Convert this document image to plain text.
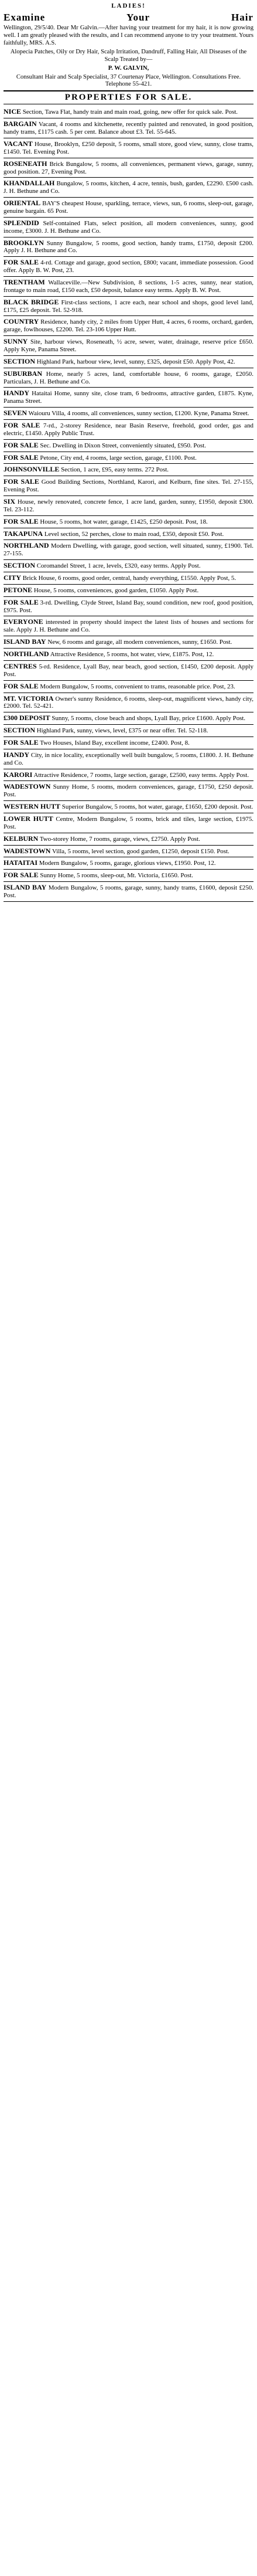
LADIES!
Examine	Your	Hair

Wellington, 29/5/40. Dear Mr Galvin.—After having your treatment for my hair, it is now growing well. I am greatly pleased with the results, and I can recommend anyone to try your treatment. Yours faithfully, MRS. A.S.

Alopecia Patches, Oily or Dry Hair, Scalp Irritation, Dandruff, Falling Hair, All Diseases of the Scalp Treated by—

P. W. GALVIN,

Consultant Hair and Scalp Specialist, 37 Courtenay Place, Wellington. Consultations Free. Telephone 55-421.

PROPERTIES FOR SALE.

NICE Section, Tawa Flat, handy train and main road, going, new offer for quick sale. Post.

BARGAIN Vacant, 4 rooms and kitchenette, recently painted and renovated, in good position, handy trams, £1175 cash. 5 per cent. Balance about £3. Tel. 55-645.

VACANT House, Brooklyn, £250 deposit, 5 rooms, small store, good view, sunny, close trams, £1450. Tel. Evening Post.

ROSENEATH Brick Bungalow, 5 rooms, all conveniences, permanent views, garage, sunny, good position. 27, Evening Post.

KHANDALLAH Bungalow, 5 rooms, kitchen, 4 acre, tennis, bush, garden, £2290. £500 cash. J. H. Bethune and Co.

ORIENTAL BAY'S cheapest House, sparkling, terrace, views, sun, 6 rooms, sleep-out, garage, genuine bargain. 65 Post.

SPLENDID Self-contained Flats, select position, all modern conveniences, sunny, good income, £3000. J. H. Bethune and Co.

BROOKLYN Sunny Bungalow, 5 rooms, good section, handy trams, £1750, deposit £200. Apply J. H. Bethune and Co.

FOR SALE 4-rd. Cottage and garage, good section, £800; vacant, immediate possession. Good offer. Apply B. W. Post, 23.

TRENTHAM Wallaceville.—New Subdivision, 8 sections, 1-5 acres, sunny, near station, frontage to main road, £150 each, £50 deposit, balance easy terms. Apply B. W. Post.

BLACK BRIDGE First-class sections, 1 acre each, near school and shops, good level land, £175, £25 deposit. Tel. 52-918.

COUNTRY Residence, handy city, 2 miles from Upper Hutt, 4 acres, 6 rooms, orchard, garden, garage, fowlhouses, £2200. Tel. 23-106 Upper Hutt.

SUNNY Site, harbour views, Roseneath, ½ acre, sewer, water, drainage, reserve price £650. Apply Kyne, Panama Street.

SECTION Highland Park, harbour view, level, sunny, £325, deposit £50. Apply Post, 42.

SUBURBAN Home, nearly 5 acres, land, comfortable house, 6 rooms, garage, £2050. Particulars, J. H. Bethune and Co.

HANDY Hataitai Home, sunny site, close tram, 6 bedrooms, attractive garden, £1875. Kyne, Panama Street.

SEVEN Waiouru Villa, 4 rooms, all conveniences, sunny section, £1200. Kyne, Panama Street.

FOR SALE 7-rd., 2-storey Residence, near Basin Reserve, freehold, good order, gas and electric, £1450. Apply Public Trust.

FOR SALE Sec. Dwelling in Dixon Street, conveniently situated, £950. Post.

FOR SALE Petone, City end, 4 rooms, large section, garage, £1100. Post.

JOHNSONVILLE Section, 1 acre, £95, easy terms. 272 Post.

FOR SALE Good Building Sections, Northland, Karori, and Kelburn, fine sites. Tel. 27-155, Evening Post.

SIX House, newly renovated, concrete fence, 1 acre land, garden, sunny, £1950, deposit £300. Tel. 23-112.

FOR SALE House, 5 rooms, hot water, garage, £1425, £250 deposit. Post, 18.

TAKAPUNA Level section, 52 perches, close to main road, £350, deposit £50. Post.

NORTHLAND Modern Dwelling, with garage, good section, well situated, sunny, £1900. Tel. 27-155.

SECTION Coromandel Street, 1 acre, levels, £320, easy terms. Apply Post.

CITY Brick House, 6 rooms, good order, central, handy everything, £1550. Apply Post, 5.

PETONE House, 5 rooms, conveniences, good garden, £1050. Apply Post.

FOR SALE 3-rd. Dwelling, Clyde Street, Island Bay, sound condition, new roof, good position, £975. Post.

EVERYONE interested in property should inspect the latest lists of houses and sections for sale. Apply J. H. Bethune and Co.

ISLAND BAY New, 6 rooms and garage, all modern conveniences, sunny, £1650. Post.

NORTHLAND Attractive Residence, 5 rooms, hot water, view, £1875. Post, 12.

CENTRES 5-rd. Residence, Lyall Bay, near beach, good section, £1450, £200 deposit. Apply Post.

FOR SALE Modern Bungalow, 5 rooms, convenient to trams, reasonable price. Post, 23.

MT. VICTORIA Owner's sunny Residence, 6 rooms, sleep-out, magnificent views, handy city, £2000. Tel. 52-421.

£300 DEPOSIT Sunny, 5 rooms, close beach and shops, Lyall Bay, price £1600. Apply Post.

SECTION Highland Park, sunny, views, level, £375 or near offer. Tel. 52-118.

FOR SALE Two Houses, Island Bay, excellent income, £2400. Post, 8.

HANDY City, in nice locality, exceptionally well built bungalow, 5 rooms, £1800. J. H. Bethune and Co.

KARORI Attractive Residence, 7 rooms, large section, garage, £2500, easy terms. Apply Post.

WADESTOWN Sunny Home, 5 rooms, modern conveniences, garage, £1750, £250 deposit. Post.

WESTERN HUTT Superior Bungalow, 5 rooms, hot water, garage, £1650, £200 deposit. Post.

LOWER HUTT Centre, Modern Bungalow, 5 rooms, brick and tiles, large section, £1975. Post.

KELBURN Two-storey Home, 7 rooms, garage, views, £2750. Apply Post.

WADESTOWN Villa, 5 rooms, level section, good garden, £1250, deposit £150. Post.

HATAITAI Modern Bungalow, 5 rooms, garage, glorious views, £1950. Post, 12.

FOR SALE Sunny Home, 5 rooms, sleep-out, Mt. Victoria, £1650. Post.

ISLAND BAY Modern Bungalow, 5 rooms, garage, sunny, handy trams, £1600, deposit £250. Post.
